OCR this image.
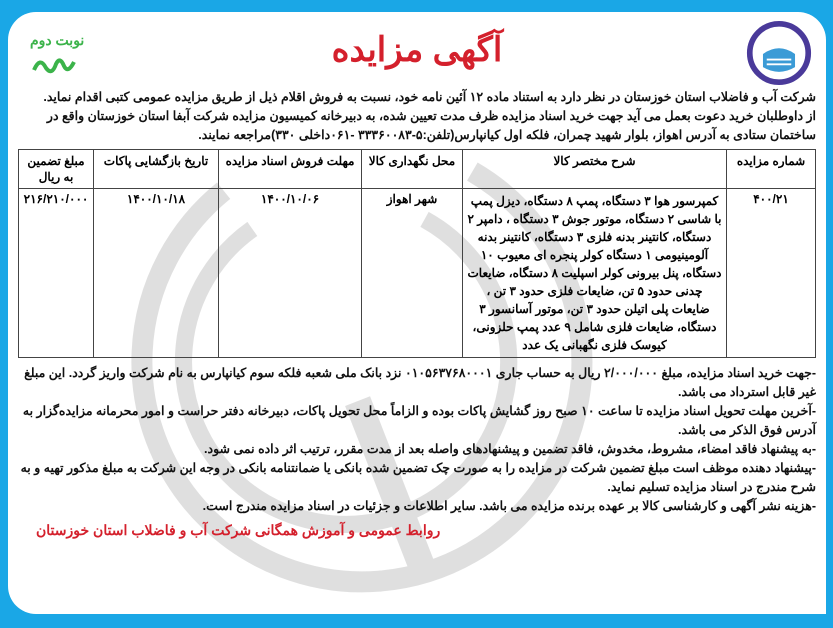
آگهی مزایده
نوبت دوم

شرکت آب و فاضلاب استان خوزستان در نظر دارد به استناد ماده ۱۲ آئین نامه خود، نسبت به فروش اقلام ذیل از طریق مزایده عمومی کتبی اقدام نماید.

از داوطلبان خرید دعوت بعمل می آید جهت خرید اسناد مزایده ظرف مدت تعیین شده، به دبیرخانه کمیسیون مزایده شرکت آبفا استان خوزستان واقع در ساختمان ستادی به آدرس اهواز، بلوار شهید چمران، فلکه اول کیانپارس(تلفن:۵-۳۳۳۶۰۰۸۳ -۰۶۱داخلی ۳۳۰)مراجعه نمایند.

شماره مزایده	شرح مختصر کالا	محل نگهداری کالا	مهلت فروش اسناد مزایده	تاریخ بازگشایی پاکات	مبلغ تضمین به ریال
۴۰۰/۲۱	کمپرسور هوا ۳ دستگاه، پمپ ۸ دستگاه، دیزل پمپ با شاسی ۲ دستگاه، موتور جوش ۳ دستگاه ، دامپر ۲ دستگاه، کانتینر بدنه فلزی ۳ دستگاه، کانتینر بدنه آلومینیومی ۱ دستگاه کولر پنجره ای معیوب ۱۰ دستگاه، پنل بیرونی کولر اسپلیت ۸ دستگاه، ضایعات چدنی حدود ۵ تن، ضایعات فلزی حدود ۳ تن ، ضایعات پلی اتیلن حدود ۳ تن، موتور آسانسور ۳ دستگاه، ضایعات فلزی شامل ۹ عدد پمپ حلزونی، کیوسک فلزی نگهبانی یک عدد	شهر اهواز	۱۴۰۰/۱۰/۰۶	۱۴۰۰/۱۰/۱۸	۲۱۶/۲۱۰/۰۰۰

-جهت خرید اسناد مزایده، مبلغ ۲/۰۰۰/۰۰۰ ریال به حساب جاری ۰۱۰۵۶۳۷۶۸۰۰۰۱ نزد بانک ملی شعبه فلکه سوم کیانپارس به نام شرکت واریز گردد. این مبلغ غیر قابل استرداد می باشد.

-آخرین مهلت تحویل اسناد مزایده تا ساعت ۱۰ صبح روز گشایش پاکات بوده و الزاماً محل تحویل پاکات، دبیرخانه دفتر حراست و امور محرمانه مزایده‌گزار به آدرس فوق الذکر می باشد.

-به پیشنهاد فاقد امضاء، مشروط، مخدوش، فاقد تضمین و پیشنهادهای واصله بعد از مدت مقرر، ترتیب اثر داده نمی شود.

-پیشنهاد دهنده موظف است مبلغ تضمین شرکت در مزایده را به صورت چک تضمین شده بانکی یا ضمانتنامه بانکی در وجه این شرکت به مبلغ مذکور تهیه و به شرح مندرج در اسناد مزایده تسلیم نماید.

-هزینه نشر آگهی و کارشناسی کالا بر عهده برنده مزایده می باشد. سایر اطلاعات و جزئیات در اسناد مزایده مندرج است.

روابط عمومی و آموزش همگانی شرکت آب و فاضلاب استان خوزستان
